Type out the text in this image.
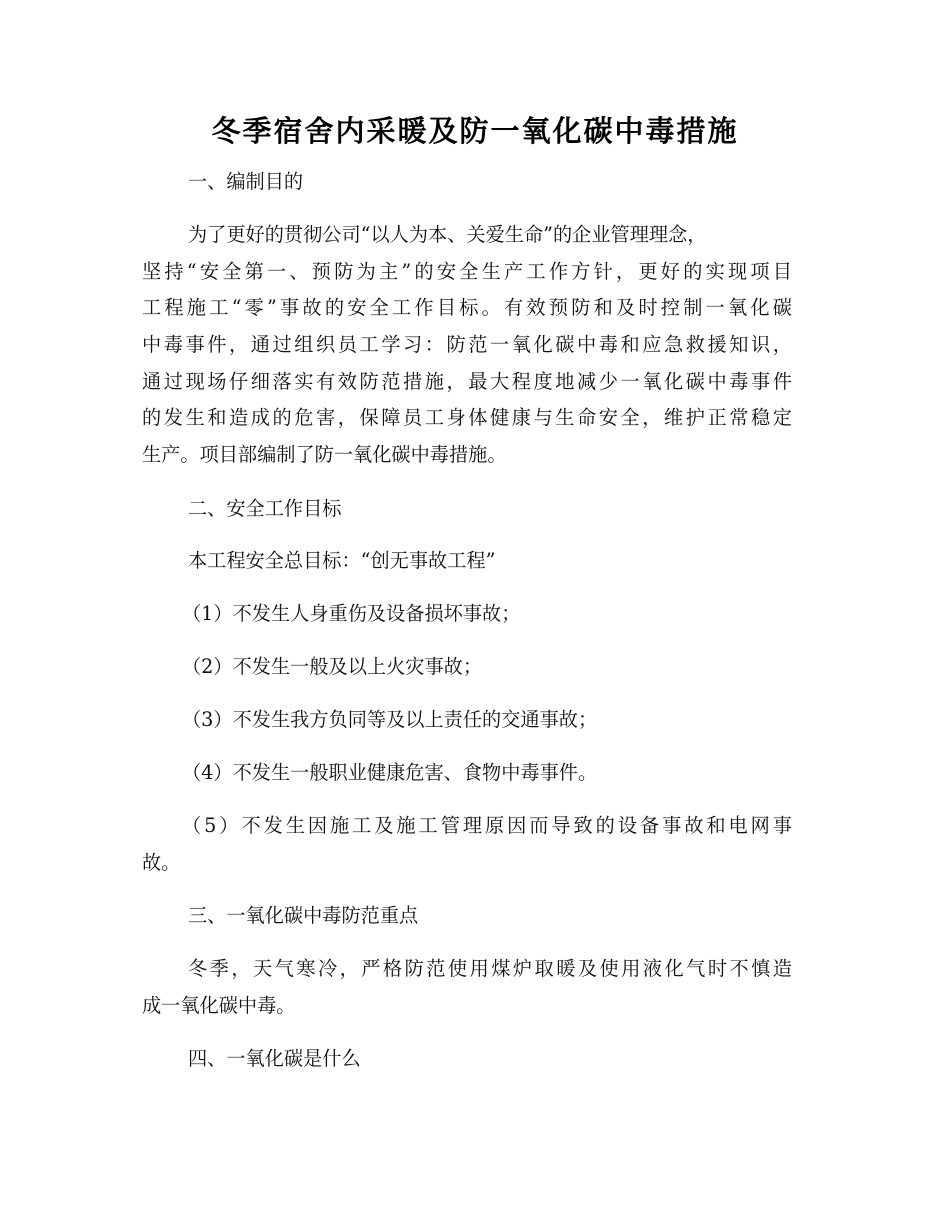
冬季宿舍内采暖及防一氧化碳中毒措施
一、编制目的
为了更好的贯彻公司“以人为本、关爱生命”的企业管理理念，
坚持“安全第一、预防为主”的安全生产工作方针，更好的实现项目
工程施工“零”事故的安全工作目标。有效预防和及时控制一氧化碳
中毒事件，通过组织员工学习：防范一氧化碳中毒和应急救援知识，
通过现场仔细落实有效防范措施，最大程度地减少一氧化碳中毒事件
的发生和造成的危害，保障员工身体健康与生命安全，维护正常稳定
生产。项目部编制了防一氧化碳中毒措施。
二、安全工作目标
本工程安全总目标：“创无事故工程”
（1）不发生人身重伤及设备损坏事故；
（2）不发生一般及以上火灾事故；
（3）不发生我方负同等及以上责任的交通事故；
（4）不发生一般职业健康危害、食物中毒事件。
（5）不发生因施工及施工管理原因而导致的设备事故和电网事
故。
三、一氧化碳中毒防范重点
冬季，天气寒冷，严格防范使用煤炉取暖及使用液化气时不慎造
成一氧化碳中毒。
四、一氧化碳是什么
